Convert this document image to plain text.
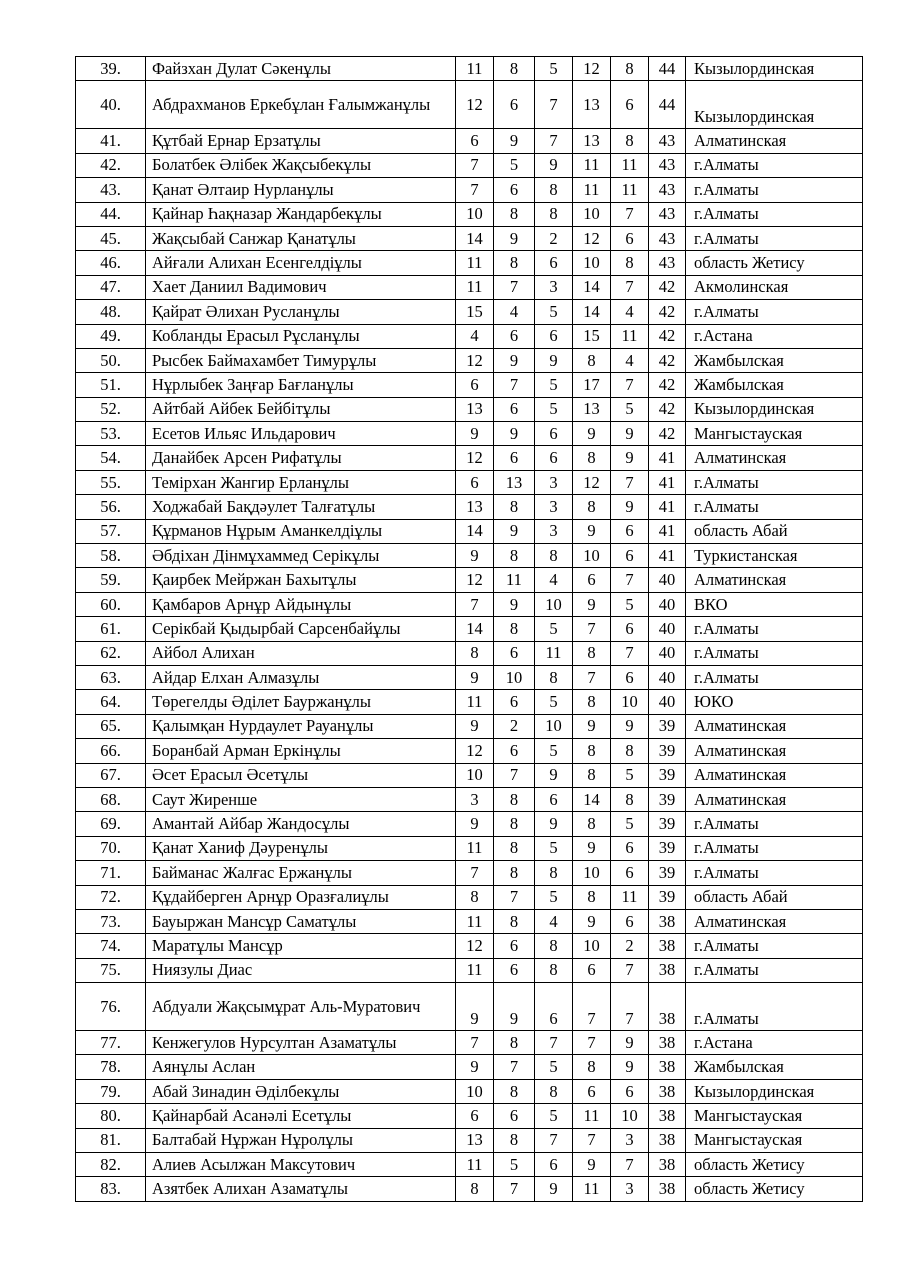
39.	Файзхан Дулат Сәкенұлы	11	8	5	12	8	44	Кызылординская
40.	Абдрахманов Еркебұлан Ғалымжанұлы	12	6	7	13	6	44	Кызылординская
41.	Құтбай Ернар Ерзатұлы	6	9	7	13	8	43	Алматинская
42.	Болатбек Әлібек Жақсыбекұлы	7	5	9	11	11	43	г.Алматы
43.	Қанат Әлтаир Нурланұлы	7	6	8	11	11	43	г.Алматы
44.	Қайнар Һақназар Жандарбекұлы	10	8	8	10	7	43	г.Алматы
45.	Жақсыбай Санжар Қанатұлы	14	9	2	12	6	43	г.Алматы
46.	Айғали Алихан Есенгелдіұлы	11	8	6	10	8	43	область Жетису
47.	Хает Даниил Вадимович	11	7	3	14	7	42	Акмолинская
48.	Қайрат Әлихан Русланұлы	15	4	5	14	4	42	г.Алматы
49.	Кобланды Ерасыл Рұсланұлы	4	6	6	15	11	42	г.Астана
50.	Рысбек Баймахамбет Тимурұлы	12	9	9	8	4	42	Жамбылская
51.	Нұрлыбек Заңғар Бағланұлы	6	7	5	17	7	42	Жамбылская
52.	Айтбай Айбек Бейбітұлы	13	6	5	13	5	42	Кызылординская
53.	Есетов Ильяс Ильдарович	9	9	6	9	9	42	Мангыстауская
54.	Данайбек Арсен Рифатұлы	12	6	6	8	9	41	Алматинская
55.	Темірхан Жангир Ерланұлы	6	13	3	12	7	41	г.Алматы
56.	Ходжабай Бақдәулет Талғатұлы	13	8	3	8	9	41	г.Алматы
57.	Құрманов Нұрым Аманкелдіұлы	14	9	3	9	6	41	область Абай
58.	Әбдіхан Дінмұхаммед Серікұлы	9	8	8	10	6	41	Туркистанская
59.	Қаирбек Мейржан Бахытұлы	12	11	4	6	7	40	Алматинская
60.	Қамбаров Арнұр Айдынұлы	7	9	10	9	5	40	ВКО
61.	Серікбай Қыдырбай Сарсенбайұлы	14	8	5	7	6	40	г.Алматы
62.	Айбол Алихан	8	6	11	8	7	40	г.Алматы
63.	Айдар Елхан Алмазұлы	9	10	8	7	6	40	г.Алматы
64.	Төрегелды Әділет Бауржанұлы	11	6	5	8	10	40	ЮКО
65.	Қалымқан Нурдаулет Рауанұлы	9	2	10	9	9	39	Алматинская
66.	Боранбай Арман Еркінұлы	12	6	5	8	8	39	Алматинская
67.	Әсет Ерасыл Әсетұлы	10	7	9	8	5	39	Алматинская
68.	Саут Жиренше	3	8	6	14	8	39	Алматинская
69.	Амантай Айбар Жандосұлы	9	8	9	8	5	39	г.Алматы
70.	Қанат Ханиф Дәуренұлы	11	8	5	9	6	39	г.Алматы
71.	Байманас Жалғас Ержанұлы	7	8	8	10	6	39	г.Алматы
72.	Құдайберген Арнұр Оразғалиұлы	8	7	5	8	11	39	область Абай
73.	Бауыржан Мансұр Саматұлы	11	8	4	9	6	38	Алматинская
74.	Маратұлы Мансұр	12	6	8	10	2	38	г.Алматы
75.	Ниязулы Диас	11	6	8	6	7	38	г.Алматы
76.	Абдуали Жақсымұрат Аль-Муратович	9	9	6	7	7	38	г.Алматы
77.	Кенжегулов Нурсултан Азаматұлы	7	8	7	7	9	38	г.Астана
78.	Аянұлы Аслан	9	7	5	8	9	38	Жамбылская
79.	Абай Зинадин Әділбекұлы	10	8	8	6	6	38	Кызылординская
80.	Қайнарбай Асанәлі Есетұлы	6	6	5	11	10	38	Мангыстауская
81.	Балтабай Нұржан Нұролұлы	13	8	7	7	3	38	Мангыстауская
82.	Алиев Асылжан Максутович	11	5	6	9	7	38	область Жетису
83.	Азятбек Алихан Азаматұлы	8	7	9	11	3	38	область Жетису
